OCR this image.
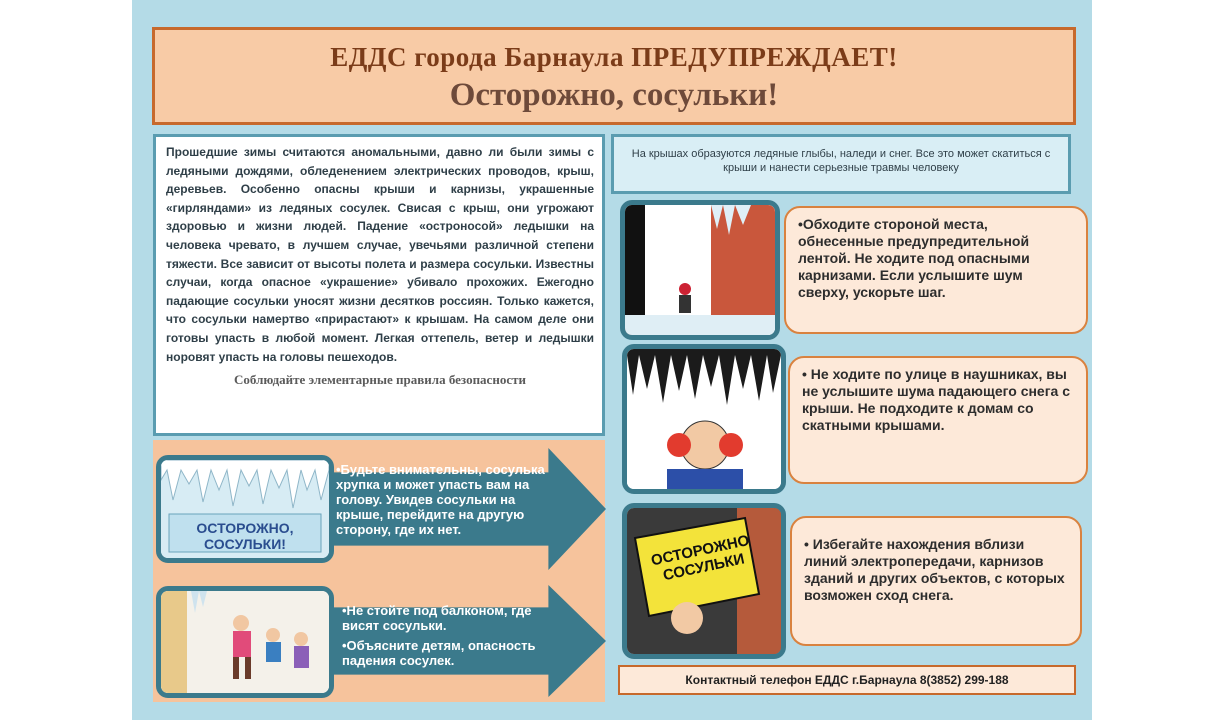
ЕДДС города Барнаула ПРЕДУПРЕЖДАЕТ!
Осторожно, сосульки!

Прошедшие зимы считаются аномальными, давно ли были зимы с ледяными дождями, обледенением электрических проводов, крыш, деревьев. Особенно опасны крыши и карнизы, украшенные «гирляндами» из ледяных сосулек. Свисая с крыш, они угрожают здоровью и жизни людей. Падение «остроносой» ледышки на человека чревато, в лучшем случае, увечьями различной степени тяжести. Все зависит от высоты полета и размера сосульки. Известны случаи, когда опасное «украшение» убивало прохожих. Ежегодно падающие сосульки уносят жизни десятков россиян. Только кажется, что сосульки намертво «прирастают» к крышам. На самом деле они готовы упасть в любой момент. Легкая оттепель, ветер и ледышки норовят упасть на головы пешеходов.

Соблюдайте элементарные правила безопасности
На крышах образуются ледяные глыбы, наледи и снег. Все это может скатиться с крыши и нанести серьезные травмы человеку
•Будьте внимательны, сосулька хрупка и может упасть вам на голову. Увидев сосульки на крыше, перейдите на другую сторону, где их нет.
ОСТОРОЖНО, СОСУЛЬКИ!
•Не стойте под балконом, где висят сосульки.
•Объясните детям, опасность падения сосулек.
•Обходите стороной места, обнесенные предупредительной лентой. Не ходите под опасными карнизами. Если услышите шум сверху, ускорьте шаг.
• Не ходите по улице в наушниках, вы не услышите шума падающего снега с крыши. Не подходите к домам со скатными крышами.
ОСТОРОЖНО СОСУЛЬКИ
• Избегайте нахождения вблизи линий электропередачи, карнизов зданий и других объектов, с которых возможен сход снега.
Контактный телефон ЕДДС г.Барнаула 8(3852) 299-188
